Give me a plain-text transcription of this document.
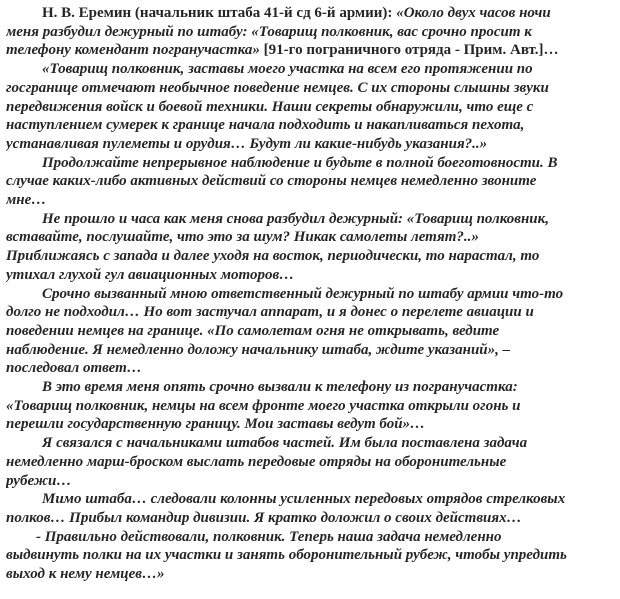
Н. В. Еремин (начальник штаба 41-й сд 6-й армии): «Около двух часов ночи
меня разбудил дежурный по штабу: «Товарищ полковник, вас срочно просит к
телефону комендант погранучастка» [91-го пограничного отряда - Прим. Авт.]…
«Товарищ полковник, заставы моего участка на всем его протяжении по
госгранице отмечают необычное поведение немцев. С их стороны слышны звуки
передвижения войск и боевой техники. Наши секреты обнаружили, что еще с
наступлением сумерек к границе начала подходить и накапливаться пехота,
устанавливая пулеметы и орудия… Будут ли какие-нибудь указания?..»
Продолжайте непрерывное наблюдение и будьте в полной боеготовности. В
случае каких-либо активных действий со стороны немцев немедленно звоните
мне…
Не прошло и часа как меня снова разбудил дежурный: «Товарищ полковник,
вставайте, послушайте, что это за шум? Никак самолеты летят?..»
Приближаясь с запада и далее уходя на восток, периодически, то нарастал, то
утихал глухой гул авиационных моторов…
Срочно вызванный мною ответственный дежурный по штабу армии что-то
долго не подходил… Но вот застучал аппарат, и я донес о перелете авиации и
поведении немцев на границе. «По самолетам огня не открывать, ведите
наблюдение. Я немедленно доложу начальнику штаба, ждите указаний», –
последовал ответ…
В это время меня опять срочно вызвали к телефону из погранучастка:
«Товарищ полковник, немцы на всем фронте моего участка открыли огонь и
перешли государственную границу. Мои заставы ведут бой»…
Я связался с начальниками штабов частей. Им была поставлена задача
немедленно марш-броском выслать передовые отряды на оборонительные
рубежи…
Мимо штаба… следовали колонны усиленных передовых отрядов стрелковых
полков… Прибыл командир дивизии. Я кратко доложил о своих действиях…
- Правильно действовали, полковник. Теперь наша задача немедленно
выдвинуть полки на их участки и занять оборонительный рубеж, чтобы упредить
выход к нему немцев…»
